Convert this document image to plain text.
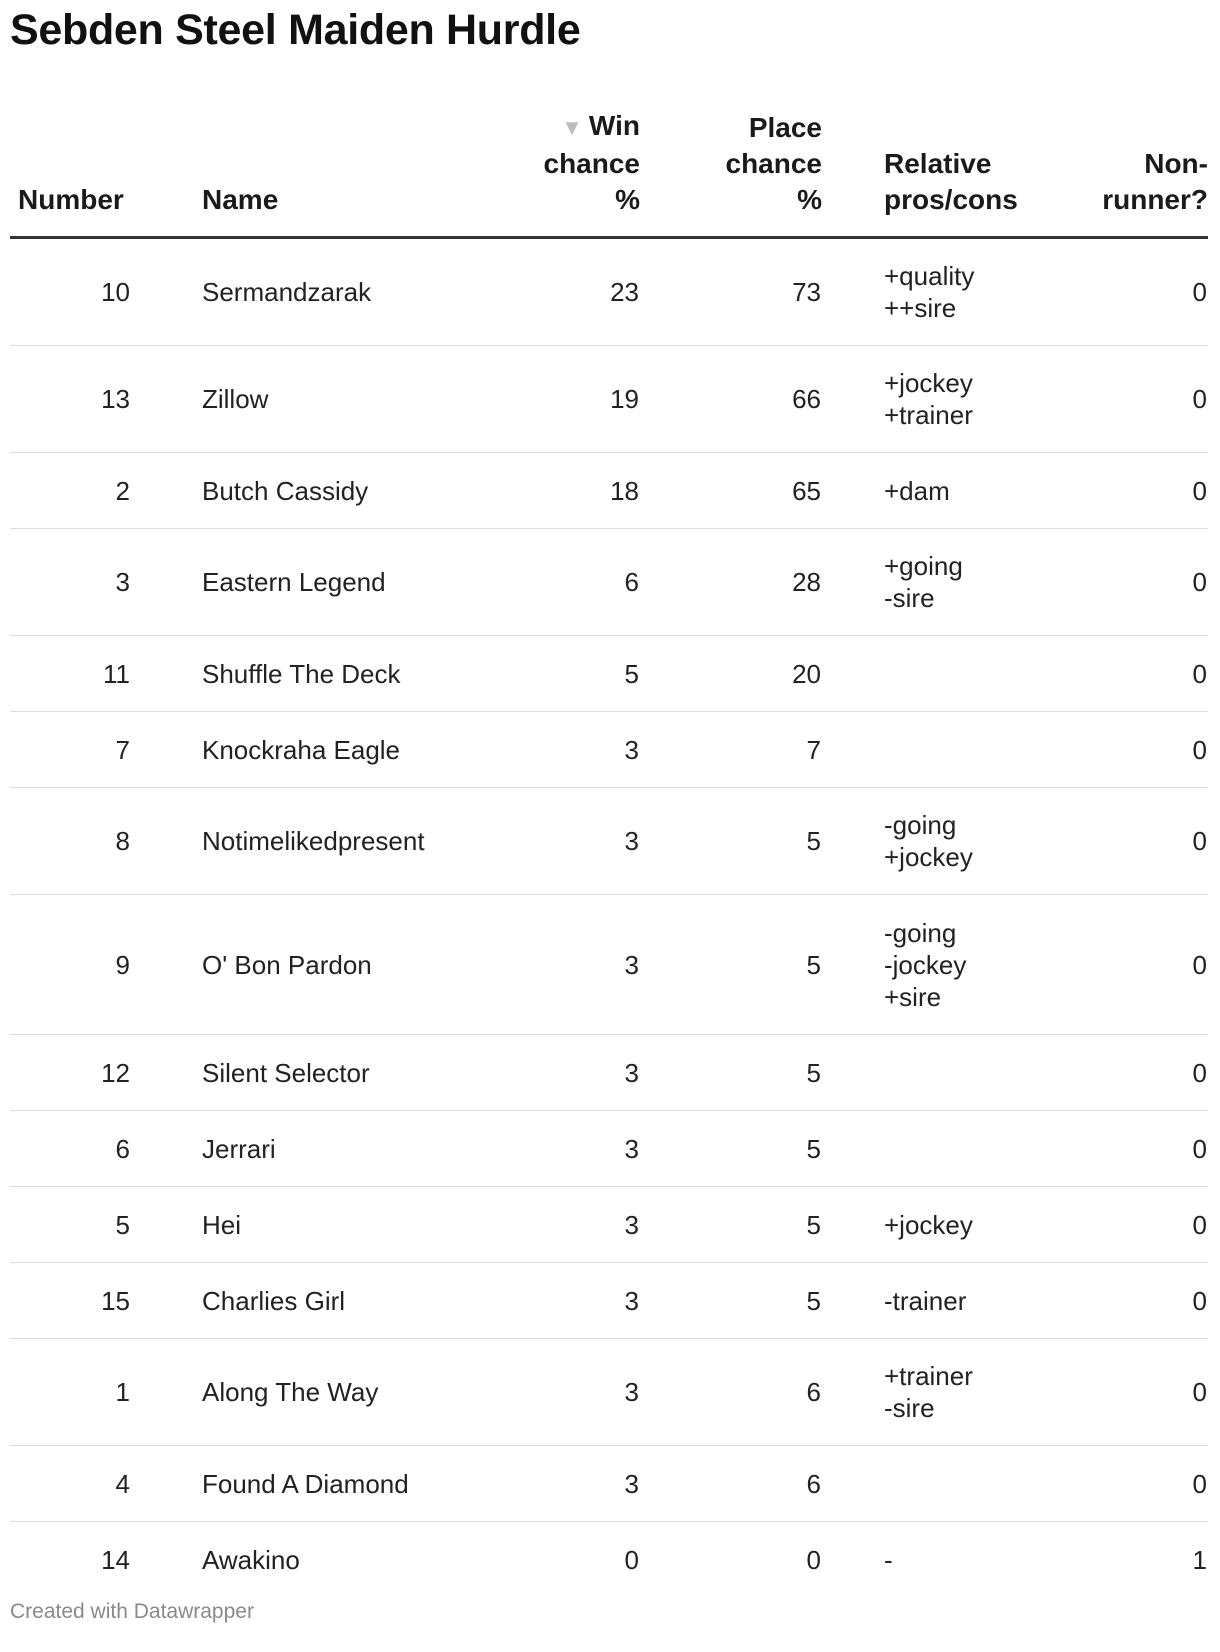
Sebden Steel Maiden Hurdle
Number	Name	▼ Win
chance
%	Place
chance
%	Relative
pros/cons	Non-
runner?
10	Sermandzarak	23	73	+quality
++sire	0
13	Zillow	19	66	+jockey
+trainer	0
2	Butch Cassidy	18	65	+dam	0
3	Eastern Legend	6	28	+going
-sire	0
11	Shuffle The Deck	5	20		0
7	Knockraha Eagle	3	7		0
8	Notimelikedpresent	3	5	-going
+jockey	0
9	O' Bon Pardon	3	5	-going
-jockey
+sire	0
12	Silent Selector	3	5		0
6	Jerrari	3	5		0
5	Hei	3	5	+jockey	0
15	Charlies Girl	3	5	-trainer	0
1	Along The Way	3	6	+trainer
-sire	0
4	Found A Diamond	3	6		0
14	Awakino	0	0	-	1
Created with Datawrapper
